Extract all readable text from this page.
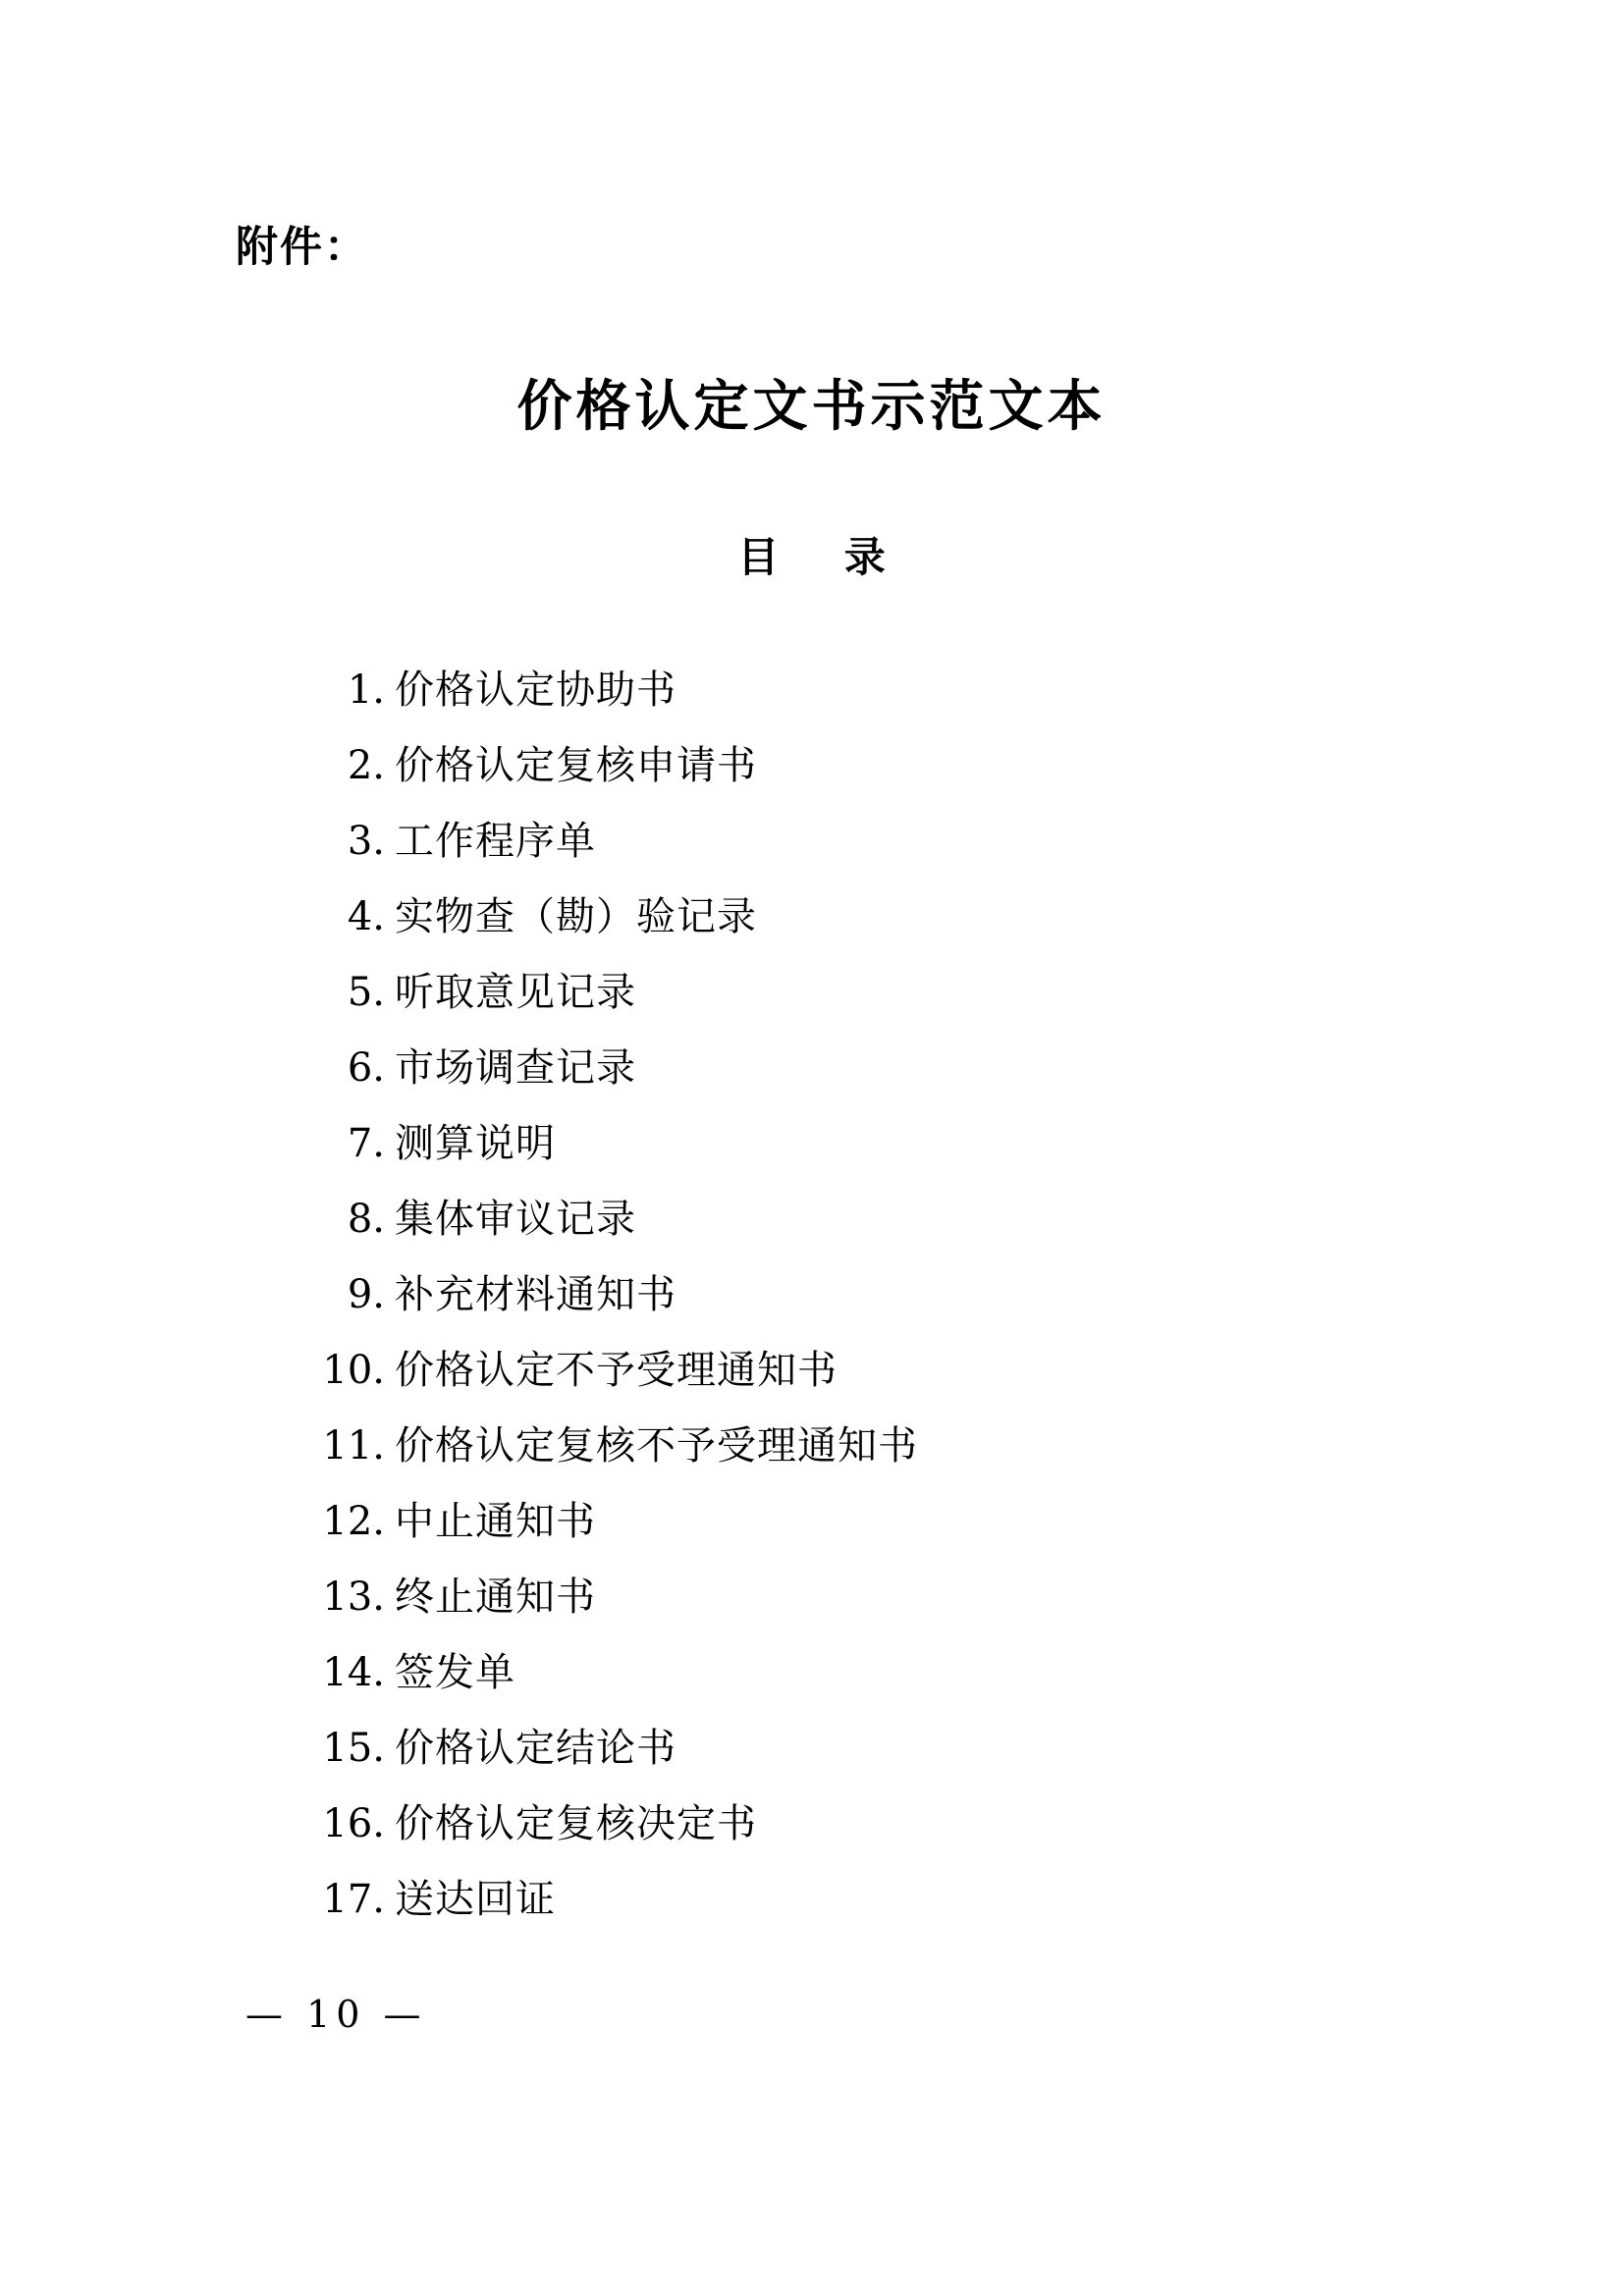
附件：
价格认定文书示范文本
目 录
1. 价格认定协助书
2. 价格认定复核申请书
3. 工作程序单
4. 实物查（勘）验记录
5. 听取意见记录
6. 市场调查记录
7. 测算说明
8. 集体审议记录
9. 补充材料通知书
10. 价格认定不予受理通知书
11. 价格认定复核不予受理通知书
12. 中止通知书
13. 终止通知书
14. 签发单
15. 价格认定结论书
16. 价格认定复核决定书
17. 送达回证
— 10 —
